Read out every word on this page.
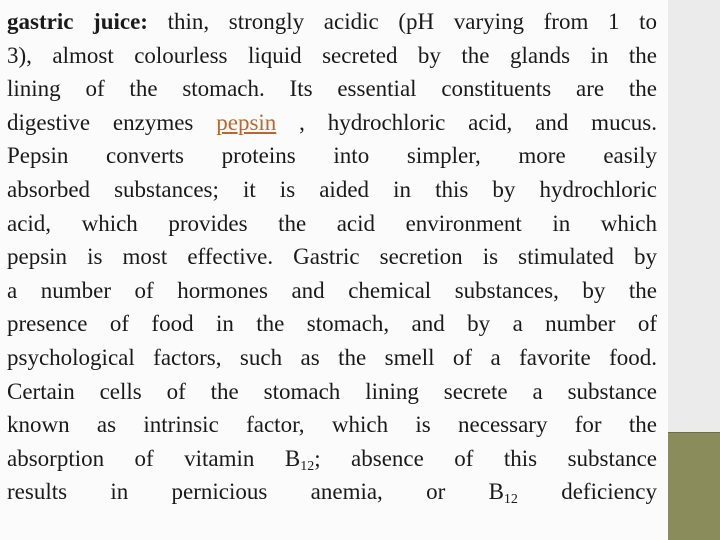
gastric juice: thin, strongly acidic (pH varying from 1 to
3), almost colourless liquid secreted by the glands in the
lining of the stomach. Its essential constituents are the
digestive enzymes pepsin , hydrochloric acid, and mucus.
Pepsin converts proteins into simpler, more easily
absorbed substances; it is aided in this by hydrochloric
acid, which provides the acid environment in which
pepsin is most effective. Gastric secretion is stimulated by
a number of hormones and chemical substances, by the
presence of food in the stomach, and by a number of
psychological factors, such as the smell of a favorite food.
Certain cells of the stomach lining secrete a substance
known as intrinsic factor, which is necessary for the
absorption of vitamin $B_{12}$; absence of this substance
results in pernicious anemia, or $B_{12}$ deficiency
